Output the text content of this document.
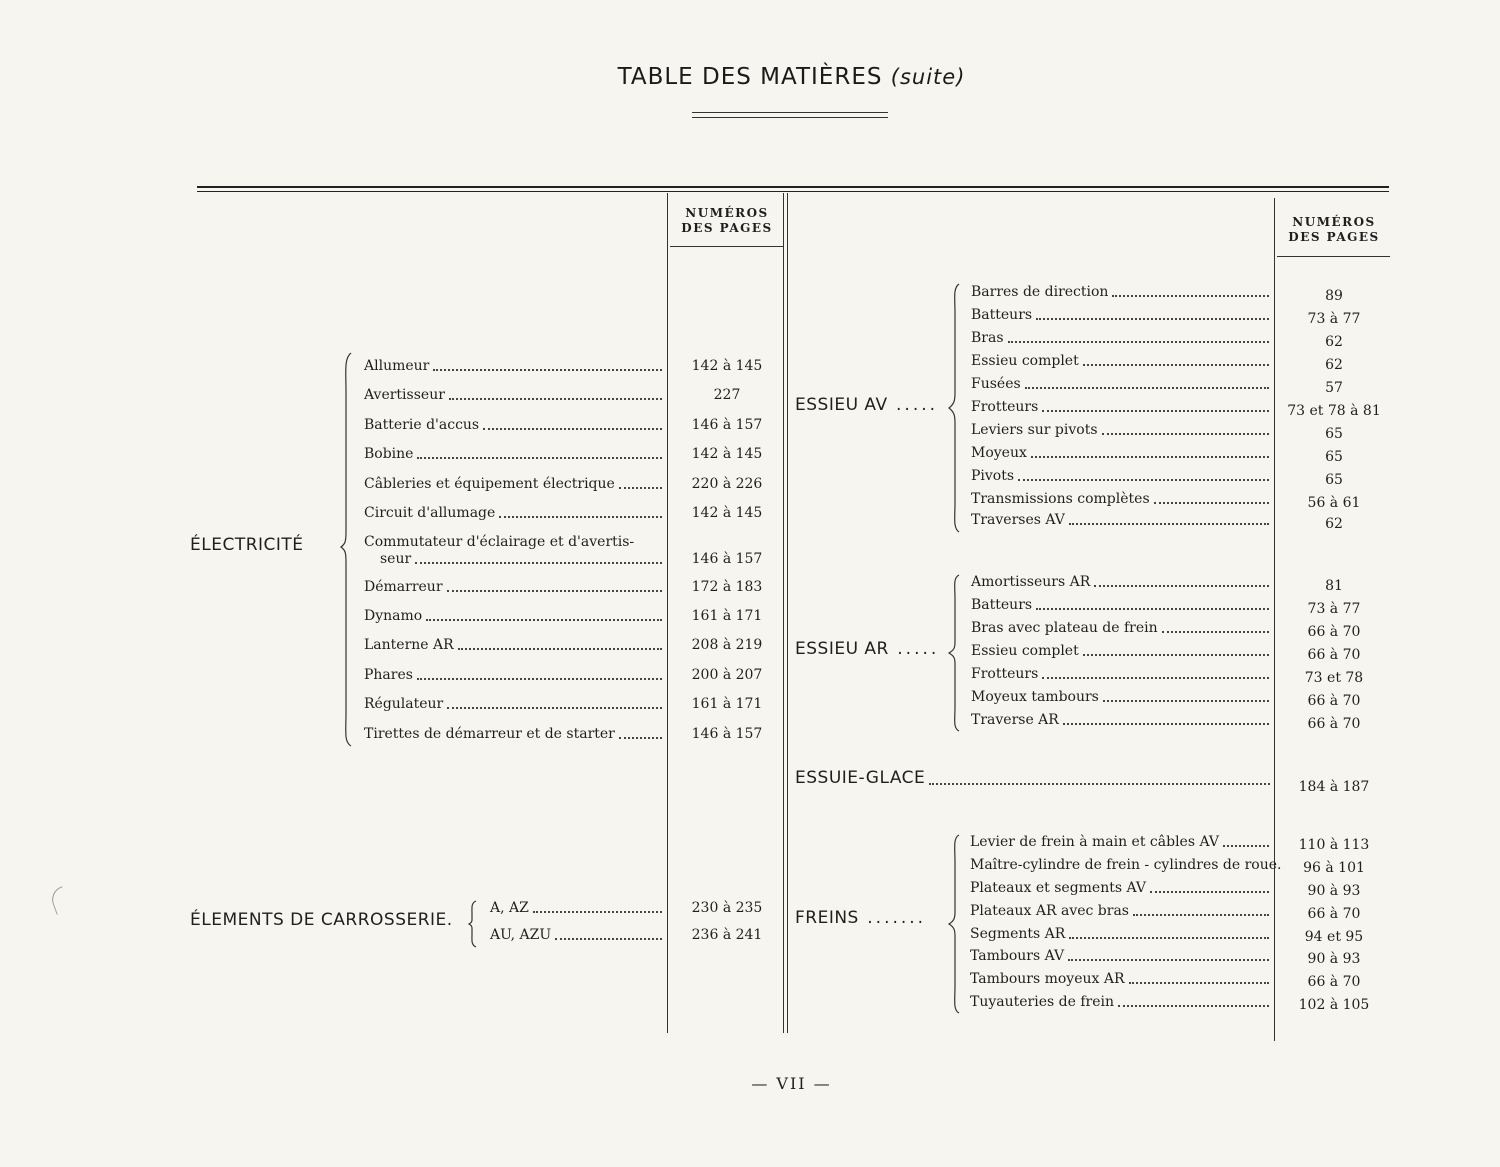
TABLE DES MATIÈRES (suite)
NUMÉROS
DES PAGES	NUMÉROS
DES PAGES
ÉLECTRICITÉ
Allumeur	142 à 145
Avertisseur	227
Batterie d'accus	146 à 157
Bobine	142 à 145
Câbleries et équipement électrique	220 à 226
Circuit d'allumage	142 à 145
Commutateur d'éclairage et d'avertis-
seur	146 à 157
Démarreur	172 à 183
Dynamo	161 à 171
Lanterne AR	208 à 219
Phares	200 à 207
Régulateur	161 à 171
Tirettes de démarreur et de starter	146 à 157
ÉLEMENTS DE CARROSSERIE.
A, AZ	230 à 235
AU, AZU	236 à 241
ESSIEU AV .....
Barres de direction	89
Batteurs	73 à 77
Bras	62
Essieu complet	62
Fusées	57
Frotteurs	73 et 78 à 81
Leviers sur pivots	65
Moyeux	65
Pivots	65
Transmissions complètes	56 à 61
Traverses AV	62
ESSIEU AR .....
Amortisseurs AR	81
Batteurs	73 à 77
Bras avec plateau de frein	66 à 70
Essieu complet	66 à 70
Frotteurs	73 et 78
Moyeux tambours	66 à 70
Traverse AR	66 à 70
ESSUIE-GLACE	184 à 187
FREINS .......
Levier de frein à main et câbles AV	110 à 113
Maître-cylindre de frein - cylindres de roue.	96 à 101
Plateaux et segments AV	90 à 93
Plateaux AR avec bras	66 à 70
Segments AR	94 et 95
Tambours AV	90 à 93
Tambours moyeux AR	66 à 70
Tuyauteries de frein	102 à 105
— VII —
